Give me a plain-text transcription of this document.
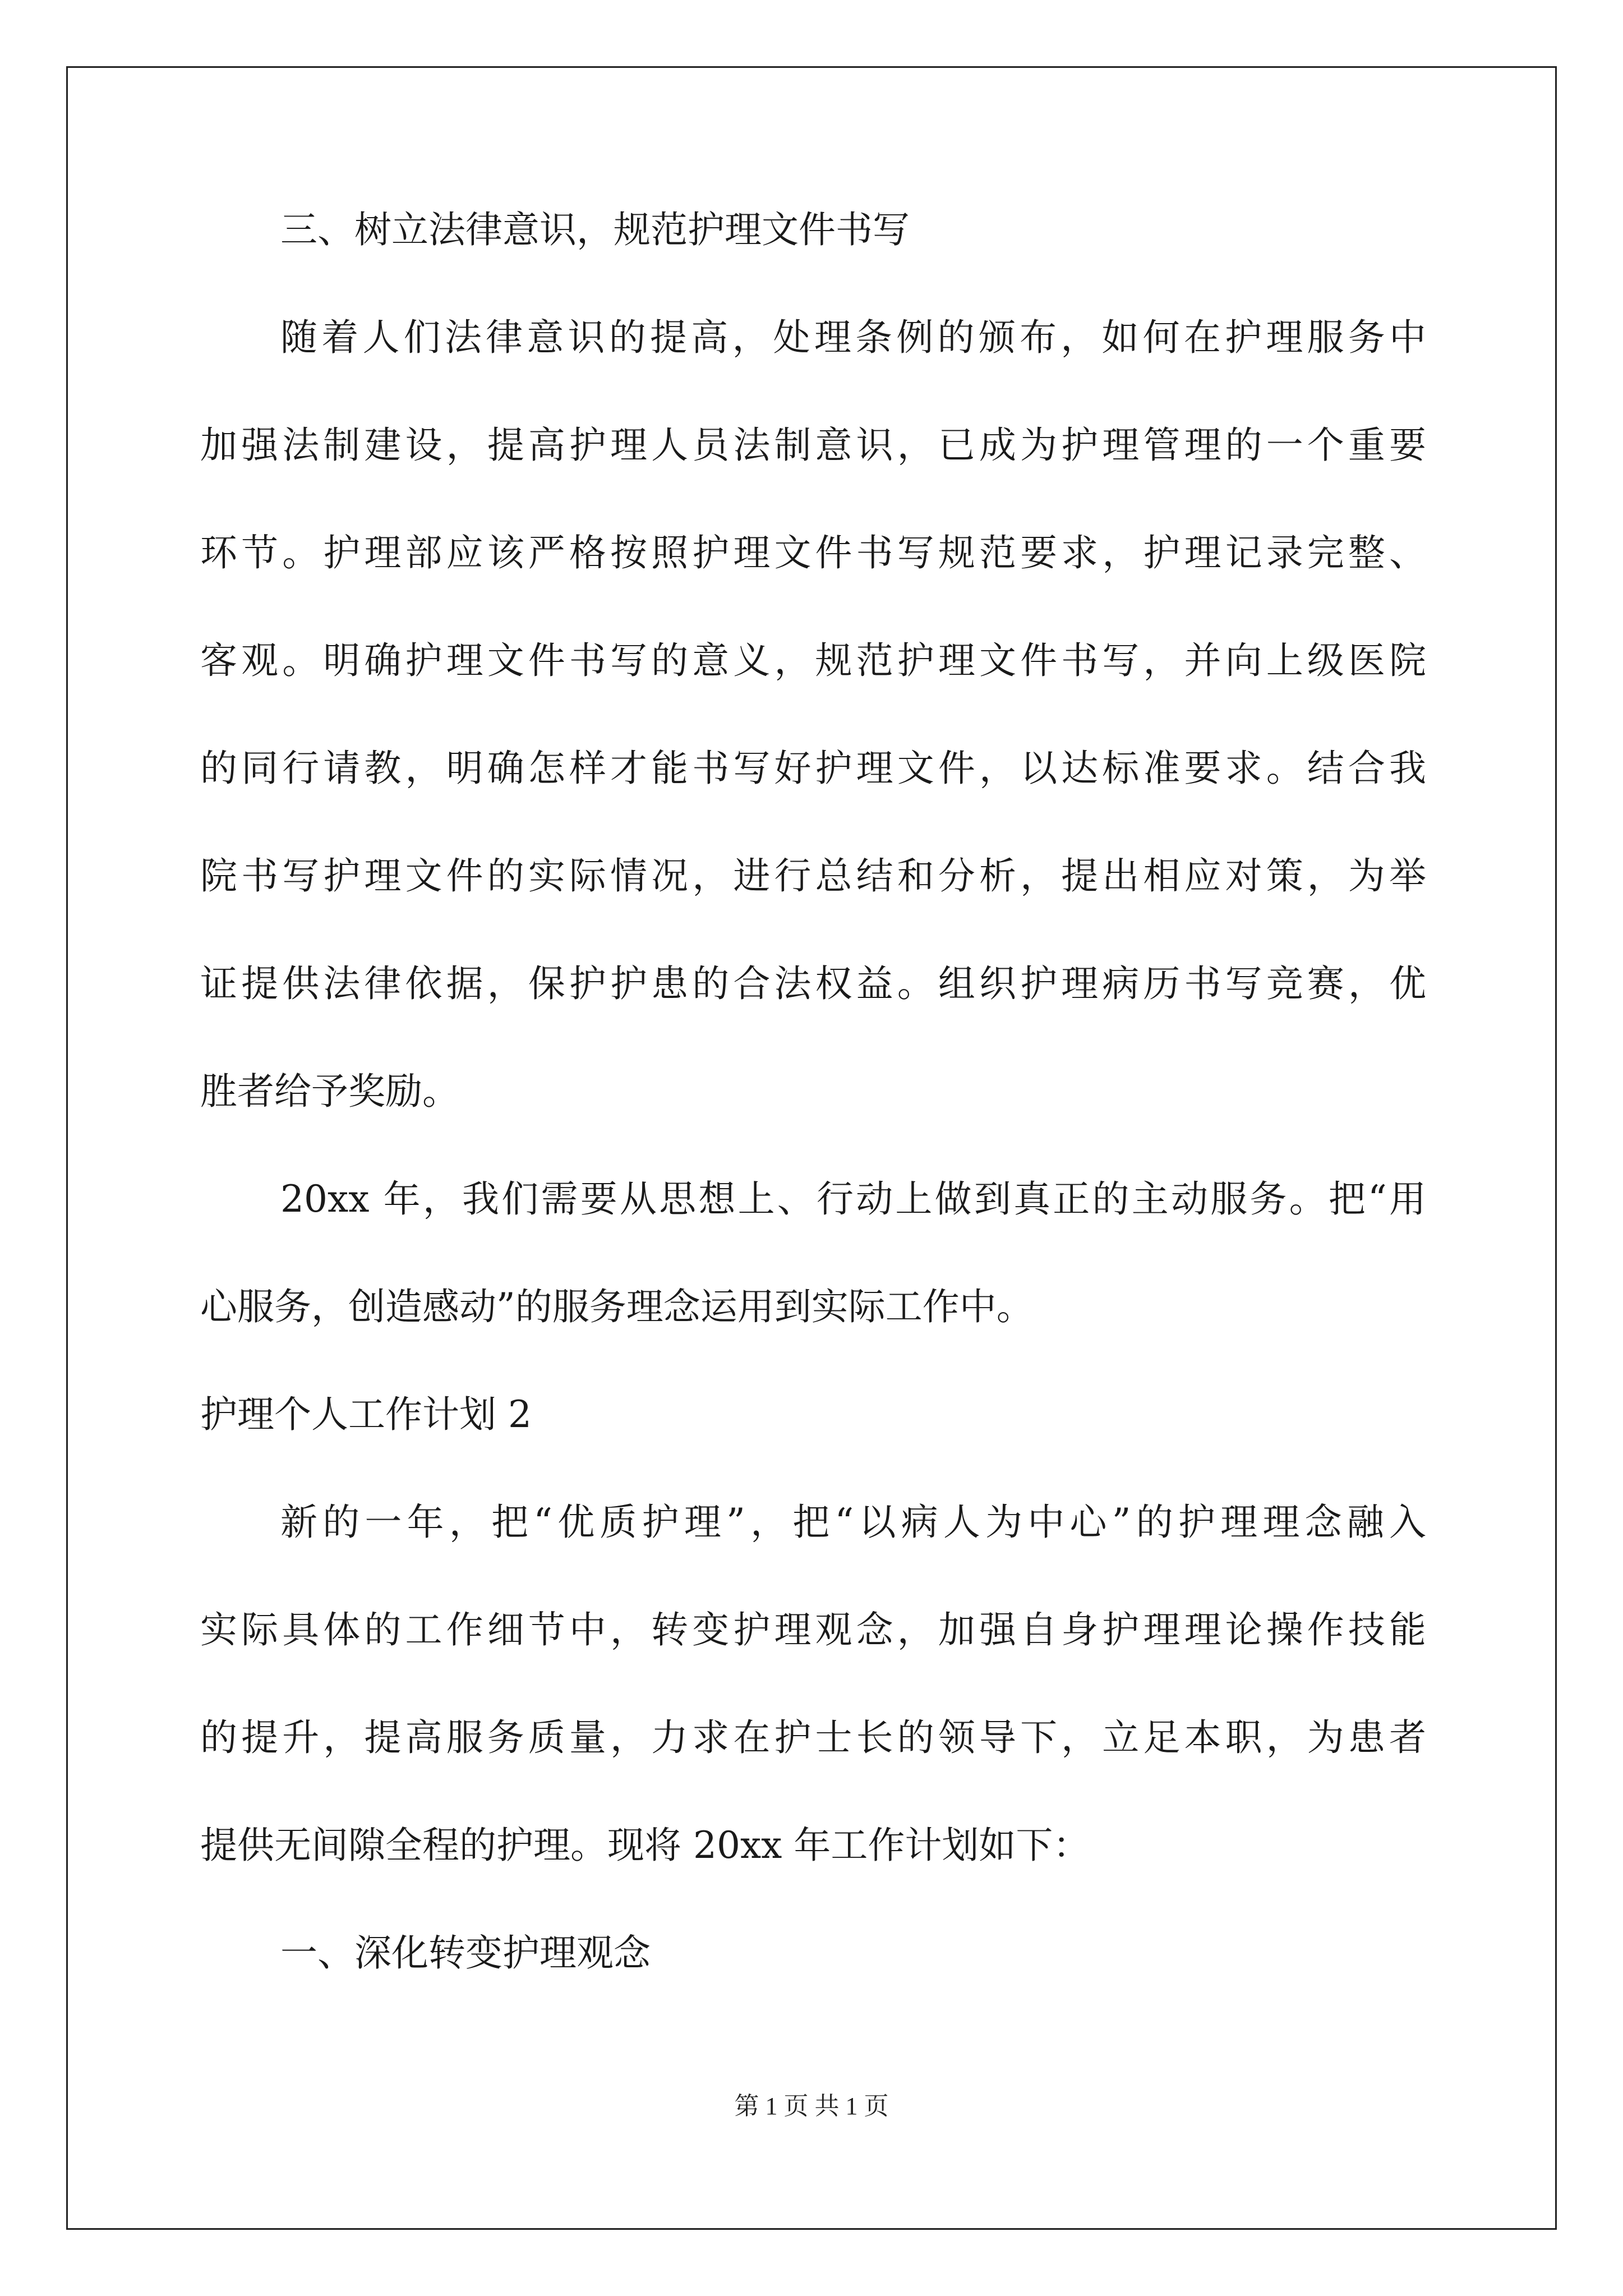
三、树立法律意识，规范护理文件书写
随着人们法律意识的提高，处理条例的颁布，如何在护理服务中
加强法制建设，提高护理人员法制意识，已成为护理管理的一个重要
环节。护理部应该严格按照护理文件书写规范要求，护理记录完整、
客观。明确护理文件书写的意义，规范护理文件书写，并向上级医院
的同行请教，明确怎样才能书写好护理文件，以达标准要求。结合我
院书写护理文件的实际情况，进行总结和分析，提出相应对策，为举
证提供法律依据，保护护患的合法权益。组织护理病历书写竞赛，优
胜者给予奖励。
20xx 年，我们需要从思想上、行动上做到真正的主动服务。把“用
心服务，创造感动”的服务理念运用到实际工作中。
护理个人工作计划 2
新的一年，把“优质护理”，把“以病人为中心”的护理理念融入
实际具体的工作细节中，转变护理观念，加强自身护理理论操作技能
的提升，提高服务质量，力求在护士长的领导下，立足本职，为患者
提供无间隙全程的护理。现将 20xx 年工作计划如下：
一、深化转变护理观念
第 1 页 共 1 页
